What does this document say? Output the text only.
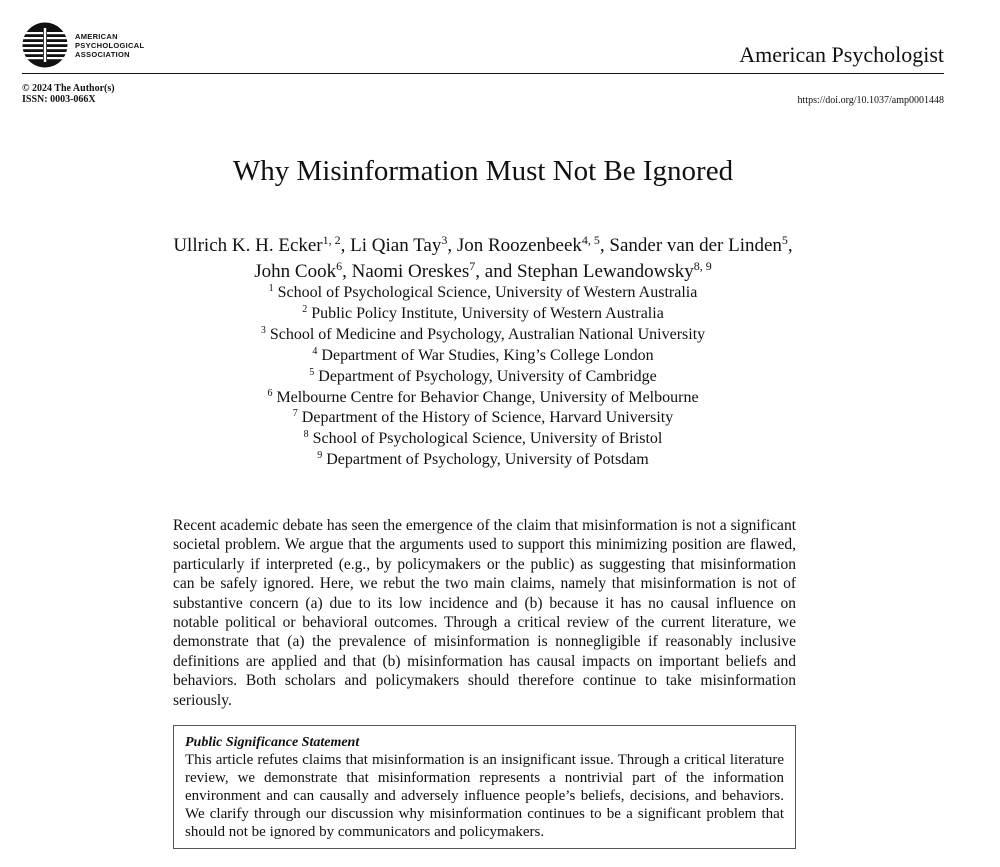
AMERICAN
PSYCHOLOGICAL
ASSOCIATION	American Psychologist
© 2024 The Author(s)
ISSN: 0003-066X	https://doi.org/10.1037/amp0001448
Why Misinformation Must Not Be Ignored
Ullrich K. H. Ecker$^{1, 2}$, Li Qian Tay$^3$, Jon Roozenbeek$^{4, 5}$, Sander van der Linden$^5$,
John Cook$^6$, Naomi Oreskes$^7$, and Stephan Lewandowsky$^{8, 9}$
$^1$ School of Psychological Science, University of Western Australia
$^2$ Public Policy Institute, University of Western Australia
$^3$ School of Medicine and Psychology, Australian National University
$^4$ Department of War Studies, King’s College London
$^5$ Department of Psychology, University of Cambridge
$^6$ Melbourne Centre for Behavior Change, University of Melbourne
$^7$ Department of the History of Science, Harvard University
$^8$ School of Psychological Science, University of Bristol
$^9$ Department of Psychology, University of Potsdam
Recent academic debate has seen the emergence of the claim that misinformation is not a significant societal problem. We argue that the arguments used to support this minimizing position are flawed, particularly if interpreted (e.g., by policymakers or the public) as suggesting that misinformation can be safely ignored. Here, we rebut the two main claims, namely that misinformation is not of substantive concern (a) due to its low incidence and (b) because it has no causal influence on notable political or behavioral outcomes. Through a critical review of the current literature, we demonstrate that (a) the prevalence of misinformation is nonnegligible if reasonably inclusive definitions are applied and that (b) misinformation has causal impacts on important beliefs and behaviors. Both scholars and policymakers should therefore continue to take misinformation seriously.
Public Significance Statement
This article refutes claims that misinformation is an insignificant issue. Through a critical literature review, we demonstrate that misinformation represents a nontrivial part of the information environment and can causally and adversely influence people’s beliefs, decisions, and behaviors. We clarify through our discussion why misinformation continues to be a significant problem that should not be ignored by communicators and policymakers.
